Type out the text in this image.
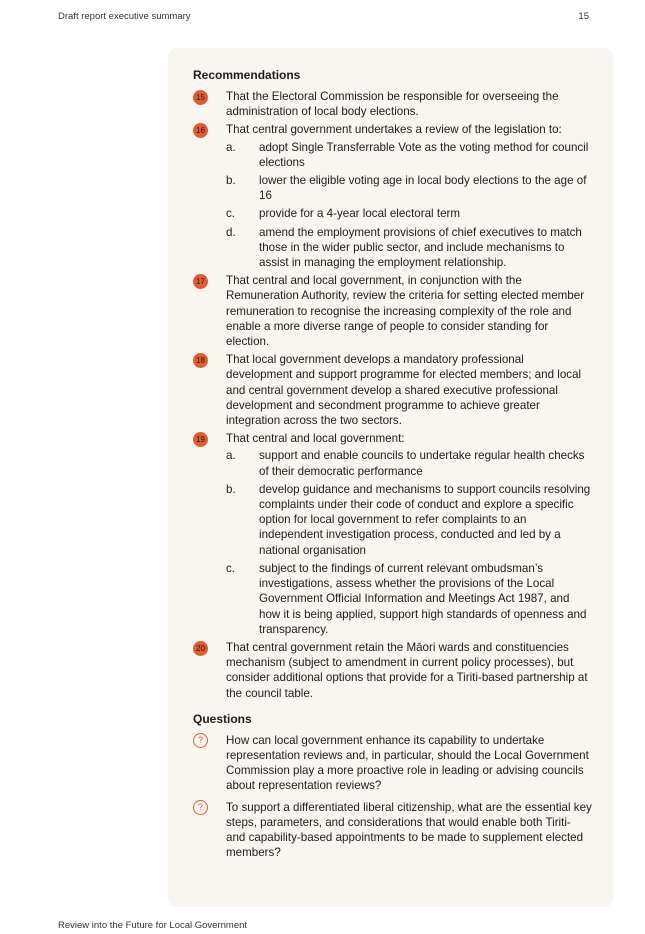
Draft report executive summary	15
Recommendations
15 That the Electoral Commission be responsible for overseeing the administration of local body elections.
16 That central government undertakes a review of the legislation to:
a. adopt Single Transferrable Vote as the voting method for council elections
b. lower the eligible voting age in local body elections to the age of 16
c. provide for a 4-year local electoral term
d. amend the employment provisions of chief executives to match those in the wider public sector, and include mechanisms to assist in managing the employment relationship.
17 That central and local government, in conjunction with the Remuneration Authority, review the criteria for setting elected member remuneration to recognise the increasing complexity of the role and enable a more diverse range of people to consider standing for election.
18 That local government develops a mandatory professional development and support programme for elected members; and local and central government develop a shared executive professional development and secondment programme to achieve greater integration across the two sectors.
19 That central and local government:
a. support and enable councils to undertake regular health checks of their democratic performance
b. develop guidance and mechanisms to support councils resolving complaints under their code of conduct and explore a specific option for local government to refer complaints to an independent investigation process, conducted and led by a national organisation
c. subject to the findings of current relevant ombudsman’s investigations, assess whether the provisions of the Local Government Official Information and Meetings Act 1987, and how it is being applied, support high standards of openness and transparency.
20 That central government retain the Māori wards and constituencies mechanism (subject to amendment in current policy processes), but consider additional options that provide for a Tiriti-based partnership at the council table.
Questions
?	How can local government enhance its capability to undertake representation reviews and, in particular, should the Local Government Commission play a more proactive role in leading or advising councils about representation reviews?
?	To support a differentiated liberal citizenship, what are the essential key steps, parameters, and considerations that would enable both Tiriti- and capability-based appointments to be made to supplement elected members?
Review into the Future for Local Government
